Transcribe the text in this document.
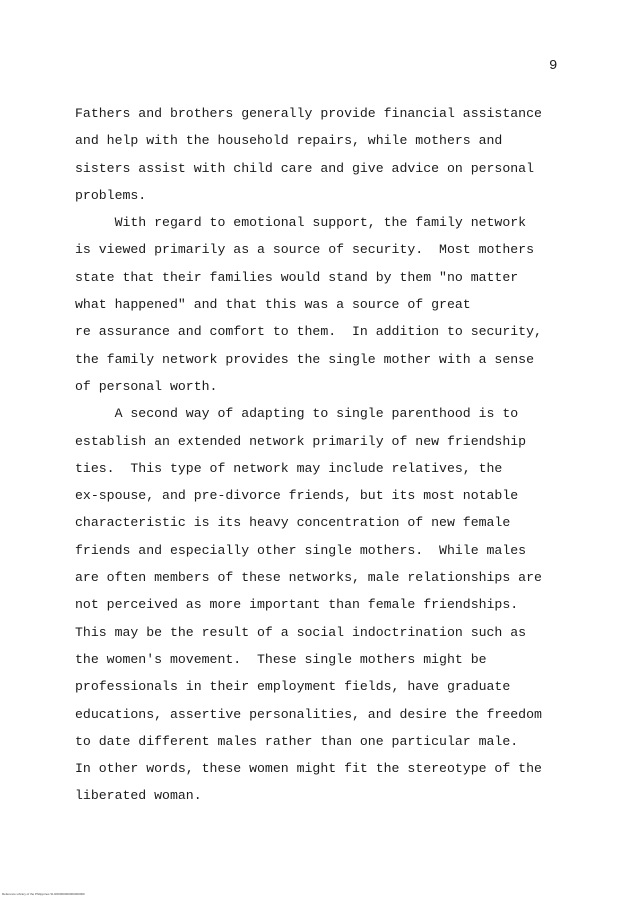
9
Fathers and brothers generally provide financial assistance
and help with the household repairs, while mothers and
sisters assist with child care and give advice on personal
problems.
With regard to emotional support, the family network
is viewed primarily as a source of security.  Most mothers
state that their families would stand by them "no matter
what happened" and that this was a source of great
re assurance and comfort to them.  In addition to security,
the family network provides the single mother with a sense
of personal worth.
A second way of adapting to single parenthood is to
establish an extended network primarily of new friendship
ties.  This type of network may include relatives, the
ex-spouse, and pre-divorce friends, but its most notable
characteristic is its heavy concentration of new female
friends and especially other single mothers.  While males
are often members of these networks, male relationships are
not perceived as more important than female friendships.
This may be the result of a social indoctrination such as
the women's movement.  These single mothers might be
professionals in their employment fields, have graduate
educations, assertive personalities, and desire the freedom
to date different males rather than one particular male.
In other words, these women might fit the stereotype of the
liberated woman.
Reference Library of the Philippines SI-R00000000000000000
